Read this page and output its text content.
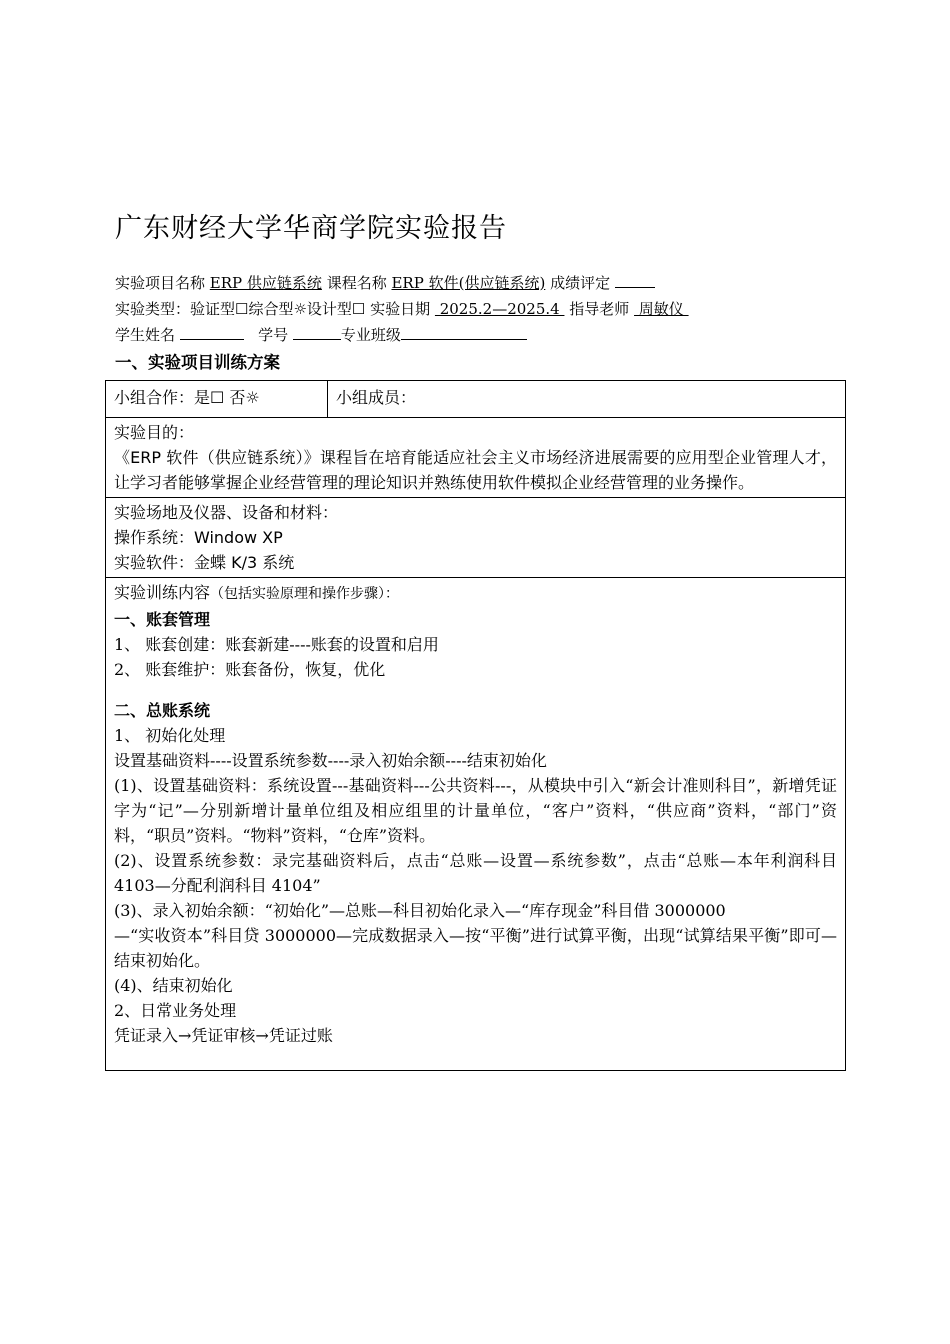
广东财经大学华商学院实验报告
实验项目名称 ERP 供应链系统 课程名称 ERP 软件(供应链系统) 成绩评定
实验类型：验证型☐综合型☼设计型☐ 实验日期  2025.2—2025.4  指导老师  周敏仪
学生姓名	学号	专业班级
一、实验项目训练方案
小组合作：是☐ 否☼	小组成员：

实验目的：
《ERP 软件（供应链系统）》课程旨在培育能适应社会主义市场经济进展需要的应用型企业管理人才，让学习者能够掌握企业经营管理的理论知识并熟练使用软件模拟企业经营管理的业务操作。

实验场地及仪器、设备和材料：
操作系统：Window XP
实验软件：金蝶 K/3 系统

实验训练内容（包括实验原理和操作步骤）：
一、账套管理
1、 账套创建：账套新建----账套的设置和启用
2、 账套维护：账套备份，恢复，优化
二、总账系统
1、 初始化处理
设置基础资料----设置系统参数----录入初始余额----结束初始化
(1)、设置基础资料：系统设置---基础资料---公共资料---，从模块中引入“新会计准则科目”，新增凭证字为“记”—分别新增计量单位组及相应组里的计量单位，“客户”资料，“供应商”资料，“部门”资料，“职员”资料。“物料”资料，“仓库”资料。
(2)、设置系统参数：录完基础资料后，点击“总账—设置—系统参数”，点击“总账—本年利润科目 4103—分配利润科目 4104”
(3)、录入初始余额：“初始化”—总账—科目初始化录入—“库存现金”科目借 3000000
—“实收资本”科目贷 3000000—完成数据录入—按“平衡”进行试算平衡，出现“试算结果平衡”即可—结束初始化。
(4)、结束初始化
2、日常业务处理
凭证录入→凭证审核→凭证过账
